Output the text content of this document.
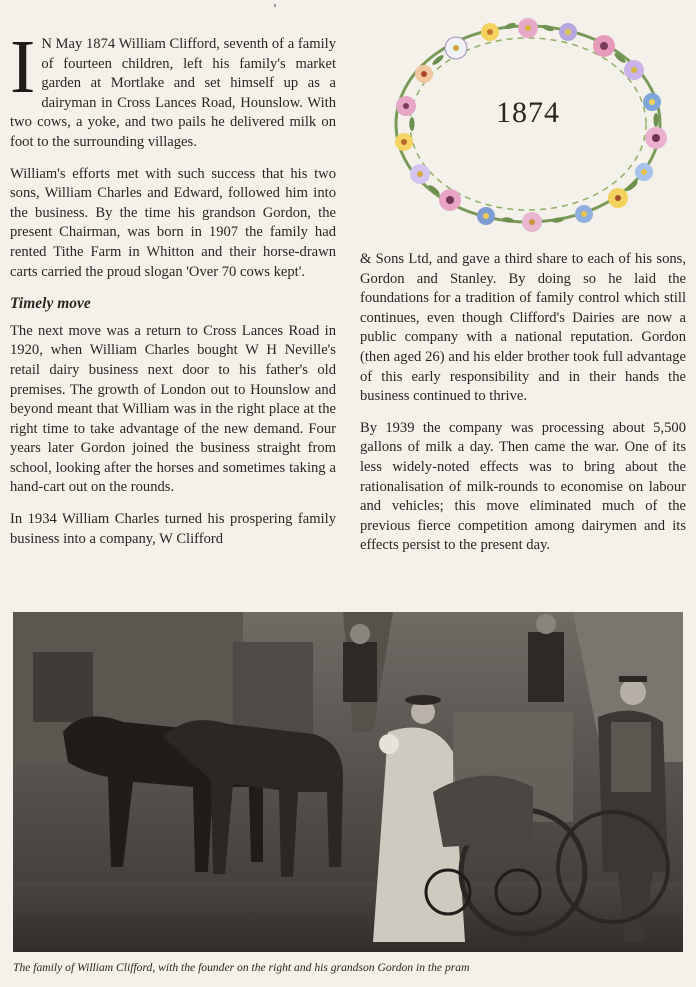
I N May 1874 William Clifford, seventh of a family of fourteen children, left his family's market garden at Mortlake and set himself up as a dairyman in Cross Lances Road, Hounslow. With two cows, a yoke, and two pails he delivered milk on foot to the surrounding villages.

William's efforts met with such success that his two sons, William Charles and Edward, followed him into the business. By the time his grandson Gordon, the present Chairman, was born in 1907 the family had rented Tithe Farm in Whitton and their horse-drawn carts carried the proud slogan 'Over 70 cows kept'.

Timely move

The next move was a return to Cross Lances Road in 1920, when William Charles bought W H Neville's retail dairy business next door to his father's old premises. The growth of London out to Hounslow and beyond meant that William was in the right place at the right time to take advantage of the new demand. Four years later Gordon joined the business straight from school, looking after the horses and sometimes taking a hand-cart out on the rounds.

In 1934 William Charles turned his prospering family business into a company, W Clifford

1874

& Sons Ltd, and gave a third share to each of his sons, Gordon and Stanley. By doing so he laid the foundations for a tradition of family control which still continues, even though Clifford's Dairies are now a public company with a national reputation. Gordon (then aged 26) and his elder brother took full advantage of this early responsibility and in their hands the business continued to thrive.

By 1939 the company was processing about 5,500 gallons of milk a day. Then came the war. One of its less widely-noted effects was to bring about the rationalisation of milk-rounds to economise on labour and vehicles; this move eliminated much of the previous fierce competition among dairymen and its effects persist to the present day.

The family of William Clifford, with the founder on the right and his grandson Gordon in the pram
